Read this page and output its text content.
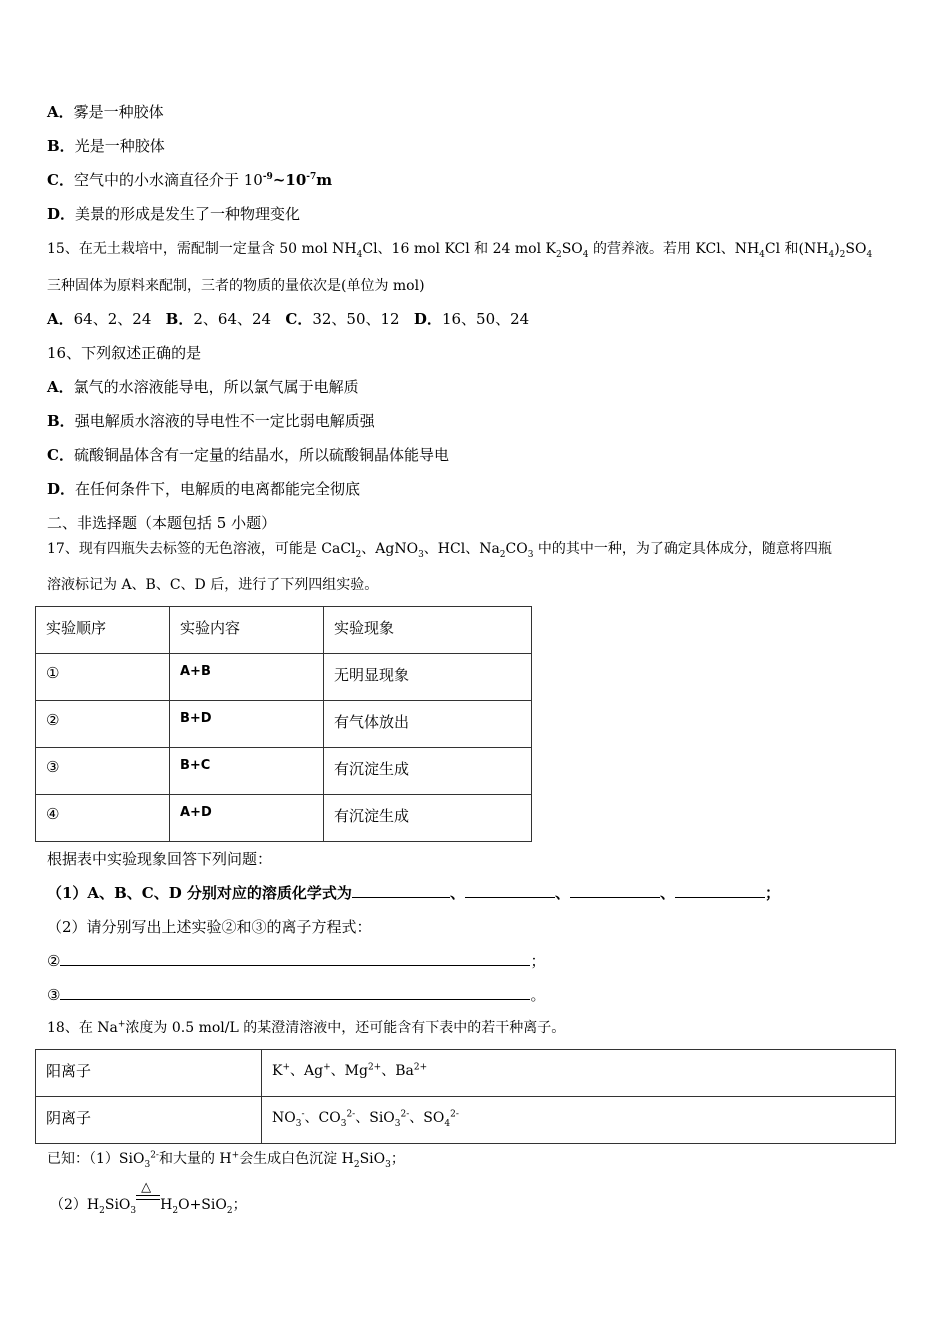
A．雾是一种胶体
B．光是一种胶体
C．空气中的小水滴直径介于 $10^{-9}\sim 10^{-7}m$
D．美景的形成是发生了一种物理变化
15、在无土栽培中，需配制一定量含 50 mol $NH_4Cl$、16 mol KCl 和 24 mol $K_2SO_4$ 的营养液。若用 KCl、$NH_4Cl$ 和$(NH_4)_2SO_4$
三种固体为原料来配制，三者的物质的量依次是(单位为 mol)
A．64、2、24 B．2、64、24 C．32、50、12 D．16、50、24
16、下列叙述正确的是
A．氯气的水溶液能导电，所以氯气属于电解质
B．强电解质水溶液的导电性不一定比弱电解质强
C．硫酸铜晶体含有一定量的结晶水，所以硫酸铜晶体能导电
D．在任何条件下，电解质的电离都能完全彻底
二、非选择题（本题包括 5 小题）
17、现有四瓶失去标签的无色溶液，可能是 CaCl$_2$、AgNO$_3$、HCl、$Na_2CO_3$ 中的其中一种，为了确定具体成分，随意将四瓶
溶液标记为 A、B、C、D 后，进行了下列四组实验。
实验顺序	实验内容	实验现象
①	A+B	无明显现象
②	B+D	有气体放出
③	B+C	有沉淀生成
④	A+D	有沉淀生成
根据表中实验现象回答下列问题：
（1）A、B、C、D 分别对应的溶质化学式为	、	、	、	；
（2）请分别写出上述实验②和③的离子方程式：
②	；
③	。
18、在 Na+浓度为 0.5 mol/L 的某澄清溶液中，还可能含有下表中的若干种离子。
阳离子	K+、Ag+、$Mg^{2+}$、$Ba^{2+}$
阴离子	$NO_3^-$、$CO_3^{2-}$、SiO$_3^{2-}$、$SO_4^{2-}$
已知：（1）SiO$_3^{2-}$和大量的 H+会生成白色沉淀 $H_2SiO_3$；
$(2)H_2SiO_3$
△
$H_2O+SiO_2$；
